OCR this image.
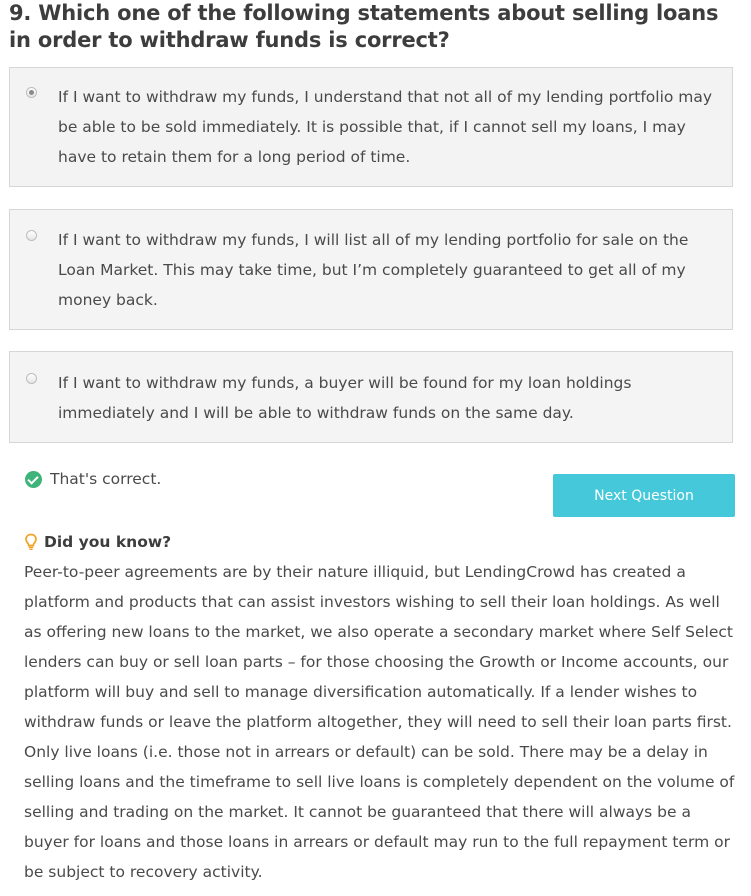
9. Which one of the following statements about selling loans in order to withdraw funds is correct?
If I want to withdraw my funds, I understand that not all of my lending portfolio may be able to be sold immediately. It is possible that, if I cannot sell my loans, I may have to retain them for a long period of time.
If I want to withdraw my funds, I will list all of my lending portfolio for sale on the Loan Market. This may take time, but I’m completely guaranteed to get all of my money back.
If I want to withdraw my funds, a buyer will be found for my loan holdings immediately and I will be able to withdraw funds on the same day.
That's correct.
Next Question
Did you know?
Peer-to-peer agreements are by their nature illiquid, but LendingCrowd has created a platform and products that can assist investors wishing to sell their loan holdings. As well as offering new loans to the market, we also operate a secondary market where Self Select lenders can buy or sell loan parts – for those choosing the Growth or Income accounts, our platform will buy and sell to manage diversification automatically. If a lender wishes to withdraw funds or leave the platform altogether, they will need to sell their loan parts first. Only live loans (i.e. those not in arrears or default) can be sold. There may be a delay in selling loans and the timeframe to sell live loans is completely dependent on the volume of selling and trading on the market. It cannot be guaranteed that there will always be a buyer for loans and those loans in arrears or default may run to the full repayment term or be subject to recovery activity.
